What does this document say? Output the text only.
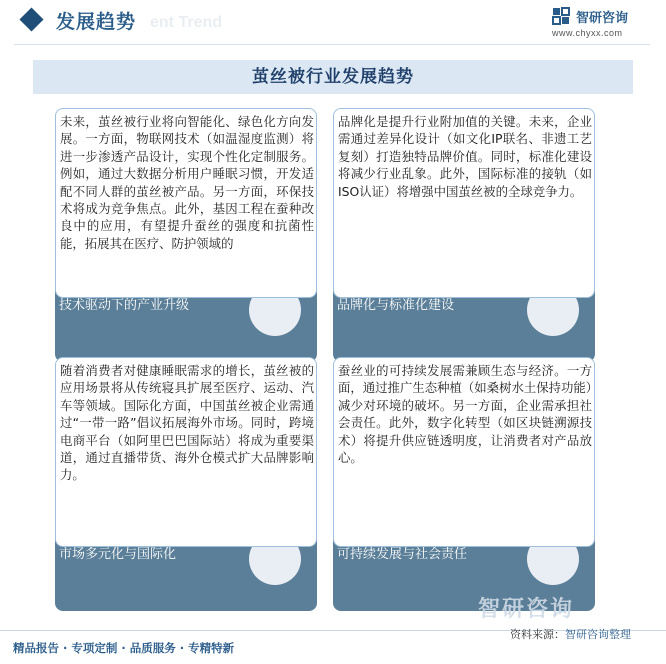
发展趋势 ent Trend	智研咨询
www.chyxx.com
茧丝被行业发展趋势
技术驱动下的产业升级
未来，茧丝被行业将向智能化、绿色化方向发展。一方面，物联网技术（如温湿度监测）将进一步渗透产品设计，实现个性化定制服务。例如，通过大数据分析用户睡眠习惯，开发适配不同人群的茧丝被产品。另一方面，环保技术将成为竞争焦点。此外，基因工程在蚕种改良中的应用，有望提升蚕丝的强度和抗菌性能，拓展其在医疗、防护领域的
品牌化与标准化建设
品牌化是提升行业附加值的关键。未来，企业需通过差异化设计（如文化IP联名、非遗工艺复刻）打造独特品牌价值。同时，标准化建设将减少行业乱象。此外，国际标准的接轨（如ISO认证）将增强中国茧丝被的全球竞争力。
市场多元化与国际化
随着消费者对健康睡眠需求的增长，茧丝被的应用场景将从传统寝具扩展至医疗、运动、汽车等领域。国际化方面，中国茧丝被企业需通过“一带一路”倡议拓展海外市场。同时，跨境电商平台（如阿里巴巴国际站）将成为重要渠道，通过直播带货、海外仓模式扩大品牌影响力。
可持续发展与社会责任
蚕丝业的可持续发展需兼顾生态与经济。一方面，通过推广生态种植（如桑树水土保持功能）减少对环境的破坏。另一方面，企业需承担社会责任。此外，数字化转型（如区块链溯源技术）将提升供应链透明度，让消费者对产品放心。
智研咨询
精品报告 · 专项定制 · 品质服务 · 专精特新
资料来源：智研咨询整理
